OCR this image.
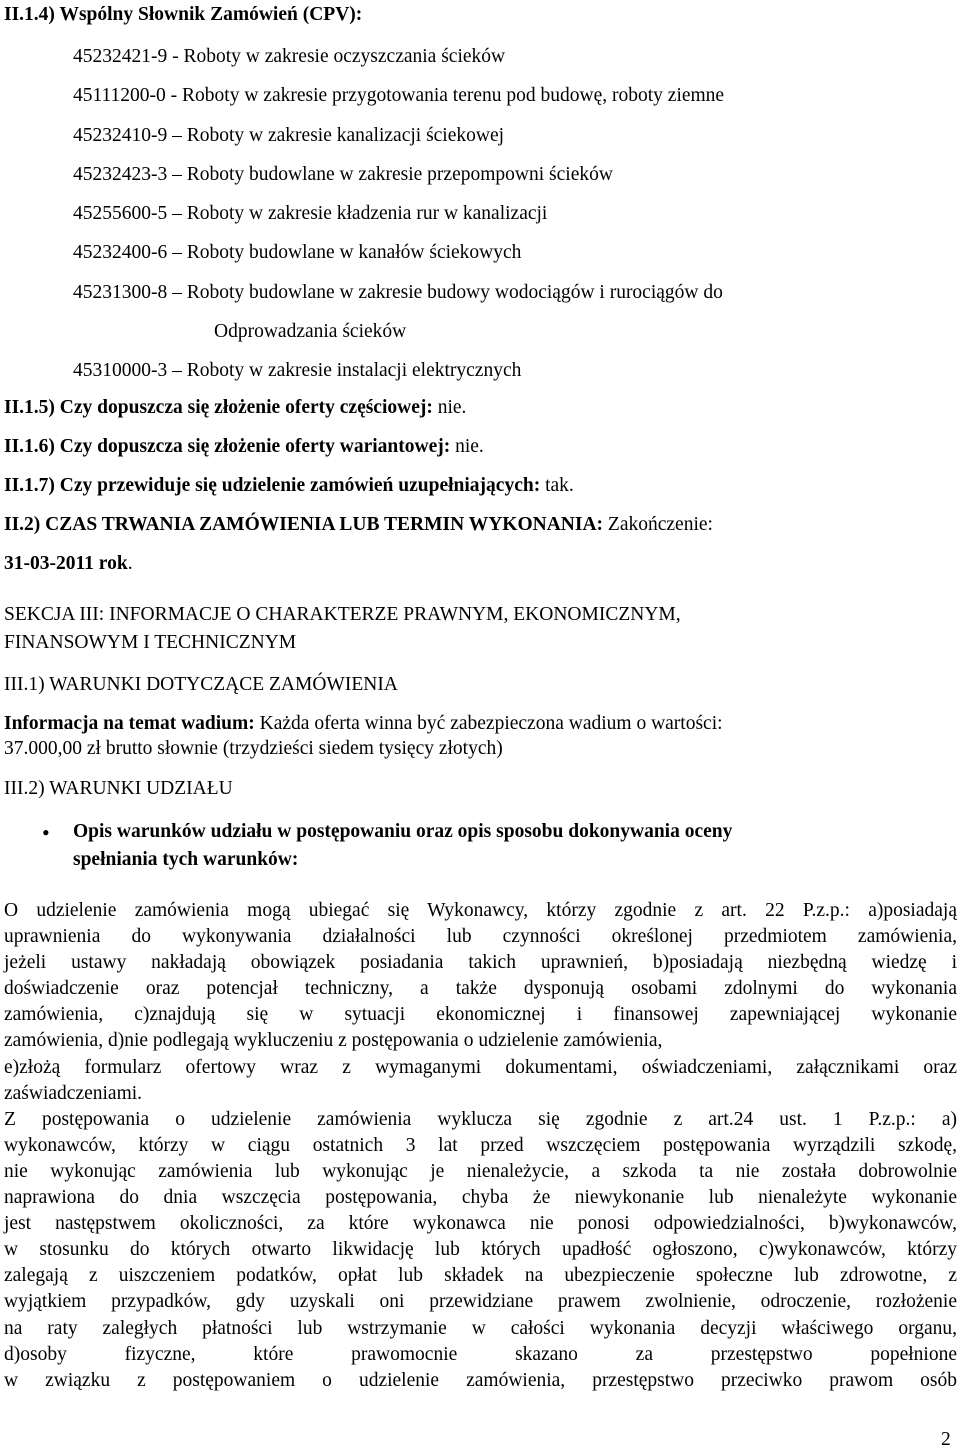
II.1.4) Wspólny Słownik Zamówień (CPV):
45232421-9 - Roboty w zakresie oczyszczania ścieków
45111200-0 - Roboty w zakresie przygotowania terenu pod budowę, roboty ziemne
45232410-9 – Roboty w zakresie kanalizacji ściekowej
45232423-3 – Roboty budowlane w zakresie przepompowni ścieków
45255600-5 – Roboty w zakresie kładzenia rur w kanalizacji
45232400-6 – Roboty budowlane w kanałów ściekowych
45231300-8 – Roboty budowlane w zakresie budowy wodociągów i rurociągów do
Odprowadzania ścieków
45310000-3 – Roboty w zakresie instalacji elektrycznych
II.1.5) Czy dopuszcza się złożenie oferty częściowej: nie.
II.1.6) Czy dopuszcza się złożenie oferty wariantowej: nie.
II.1.7) Czy przewiduje się udzielenie zamówień uzupełniających: tak.
II.2) CZAS TRWANIA ZAMÓWIENIA LUB TERMIN WYKONANIA: Zakończenie:
31-03-2011 rok.
SEKCJA III: INFORMACJE O CHARAKTERZE PRAWNYM, EKONOMICZNYM,
FINANSOWYM I TECHNICZNYM
III.1) WARUNKI DOTYCZĄCE ZAMÓWIENIA
Informacja na temat wadium: Każda oferta winna być zabezpieczona wadium o wartości:
37.000,00 zł brutto słownie (trzydzieści siedem tysięcy złotych)
III.2) WARUNKI UDZIAŁU
• Opis warunków udziału w postępowaniu oraz opis sposobu dokonywania oceny
spełniania tych warunków:
O udzielenie zamówienia mogą ubiegać się Wykonawcy, którzy zgodnie z art. 22 P.z.p.: a)posiadają
uprawnienia do wykonywania działalności lub czynności określonej przedmiotem zamówienia,
jeżeli ustawy nakładają obowiązek posiadania takich uprawnień, b)posiadają niezbędną wiedzę i
doświadczenie oraz potencjał techniczny, a także dysponują osobami zdolnymi do wykonania
zamówienia, c)znajdują się w sytuacji ekonomicznej i finansowej zapewniającej wykonanie
zamówienia, d)nie podlegają wykluczeniu z postępowania o udzielenie zamówienia,
e)złożą formularz ofertowy wraz z wymaganymi dokumentami, oświadczeniami, załącznikami oraz
zaświadczeniami.
Z postępowania o udzielenie zamówienia wyklucza się zgodnie z art.24 ust. 1 P.z.p.: a)
wykonawców, którzy w ciągu ostatnich 3 lat przed wszczęciem postępowania wyrządzili szkodę,
nie wykonując zamówienia lub wykonując je nienależycie, a szkoda ta nie została dobrowolnie
naprawiona do dnia wszczęcia postępowania, chyba że niewykonanie lub nienależyte wykonanie
jest następstwem okoliczności, za które wykonawca nie ponosi odpowiedzialności, b)wykonawców,
w stosunku do których otwarto likwidację lub których upadłość ogłoszono, c)wykonawców, którzy
zalegają z uiszczeniem podatków, opłat lub składek na ubezpieczenie społeczne lub zdrowotne, z
wyjątkiem przypadków, gdy uzyskali oni przewidziane prawem zwolnienie, odroczenie, rozłożenie
na raty zaległych płatności lub wstrzymanie w całości wykonania decyzji właściwego organu,
d)osoby fizyczne, które prawomocnie skazano za przestępstwo popełnione
w związku z postępowaniem o udzielenie zamówienia, przestępstwo przeciwko prawom osób
2
